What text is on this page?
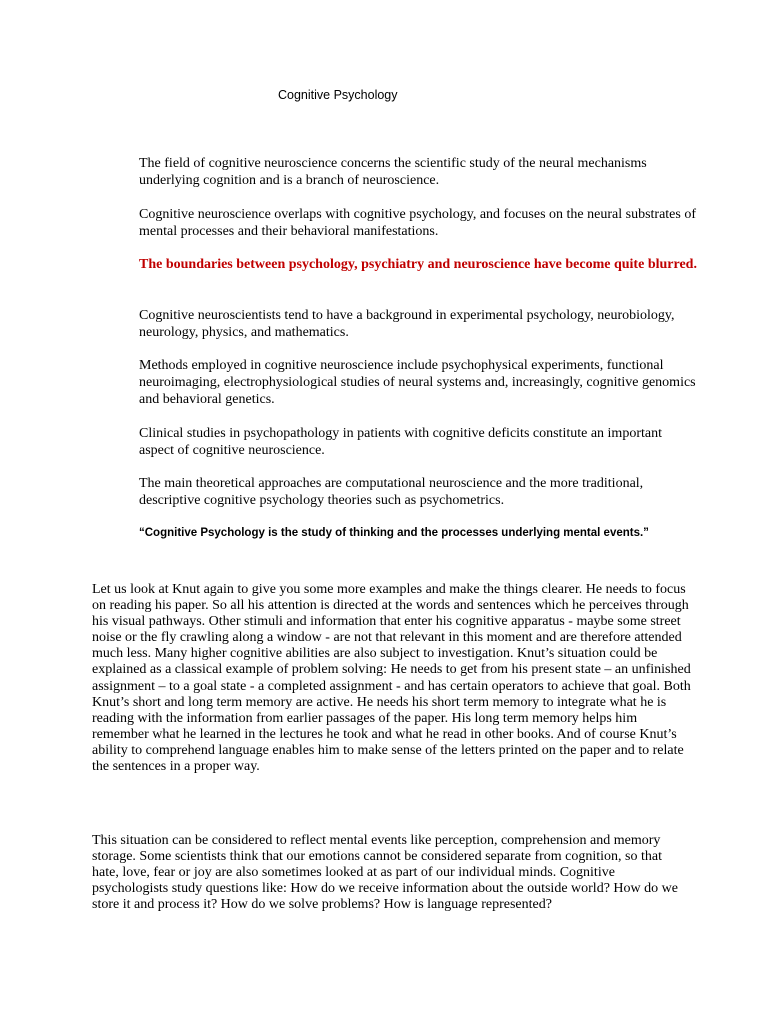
Cognitive Psychology

The field of cognitive neuroscience concerns the scientific study of the neural mechanisms underlying cognition and is a branch of neuroscience.

Cognitive neuroscience overlaps with cognitive psychology, and focuses on the neural substrates of mental processes and their behavioral manifestations.

The boundaries between psychology, psychiatry and neuroscience have become quite blurred.

Cognitive neuroscientists tend to have a background in experimental psychology, neurobiology, neurology, physics, and mathematics.

Methods employed in cognitive neuroscience include psychophysical experiments, functional neuroimaging, electrophysiological studies of neural systems and, increasingly, cognitive genomics and behavioral genetics.

Clinical studies in psychopathology in patients with cognitive deficits constitute an important aspect of cognitive neuroscience.

The main theoretical approaches are computational neuroscience and the more traditional, descriptive cognitive psychology theories such as psychometrics.

“Cognitive Psychology is the study of thinking and the processes underlying mental events.”

Let us look at Knut again to give you some more examples and make the things clearer. He needs to focus on reading his paper. So all his attention is directed at the words and sentences which he perceives through his visual pathways. Other stimuli and information that enter his cognitive apparatus - maybe some street noise or the fly crawling along a window - are not that relevant in this moment and are therefore attended much less. Many higher cognitive abilities are also subject to investigation. Knut’s situation could be explained as a classical example of problem solving: He needs to get from his present state – an unfinished assignment – to a goal state - a completed assignment - and has certain operators to achieve that goal. Both Knut’s short and long term memory are active. He needs his short term memory to integrate what he is reading with the information from earlier passages of the paper. His long term memory helps him remember what he learned in the lectures he took and what he read in other books. And of course Knut’s ability to comprehend language enables him to make sense of the letters printed on the paper and to relate the sentences in a proper way.

This situation can be considered to reflect mental events like perception, comprehension and memory storage. Some scientists think that our emotions cannot be considered separate from cognition, so that hate, love, fear or joy are also sometimes looked at as part of our individual minds. Cognitive psychologists study questions like: How do we receive information about the outside world? How do we store it and process it? How do we solve problems? How is language represented?
